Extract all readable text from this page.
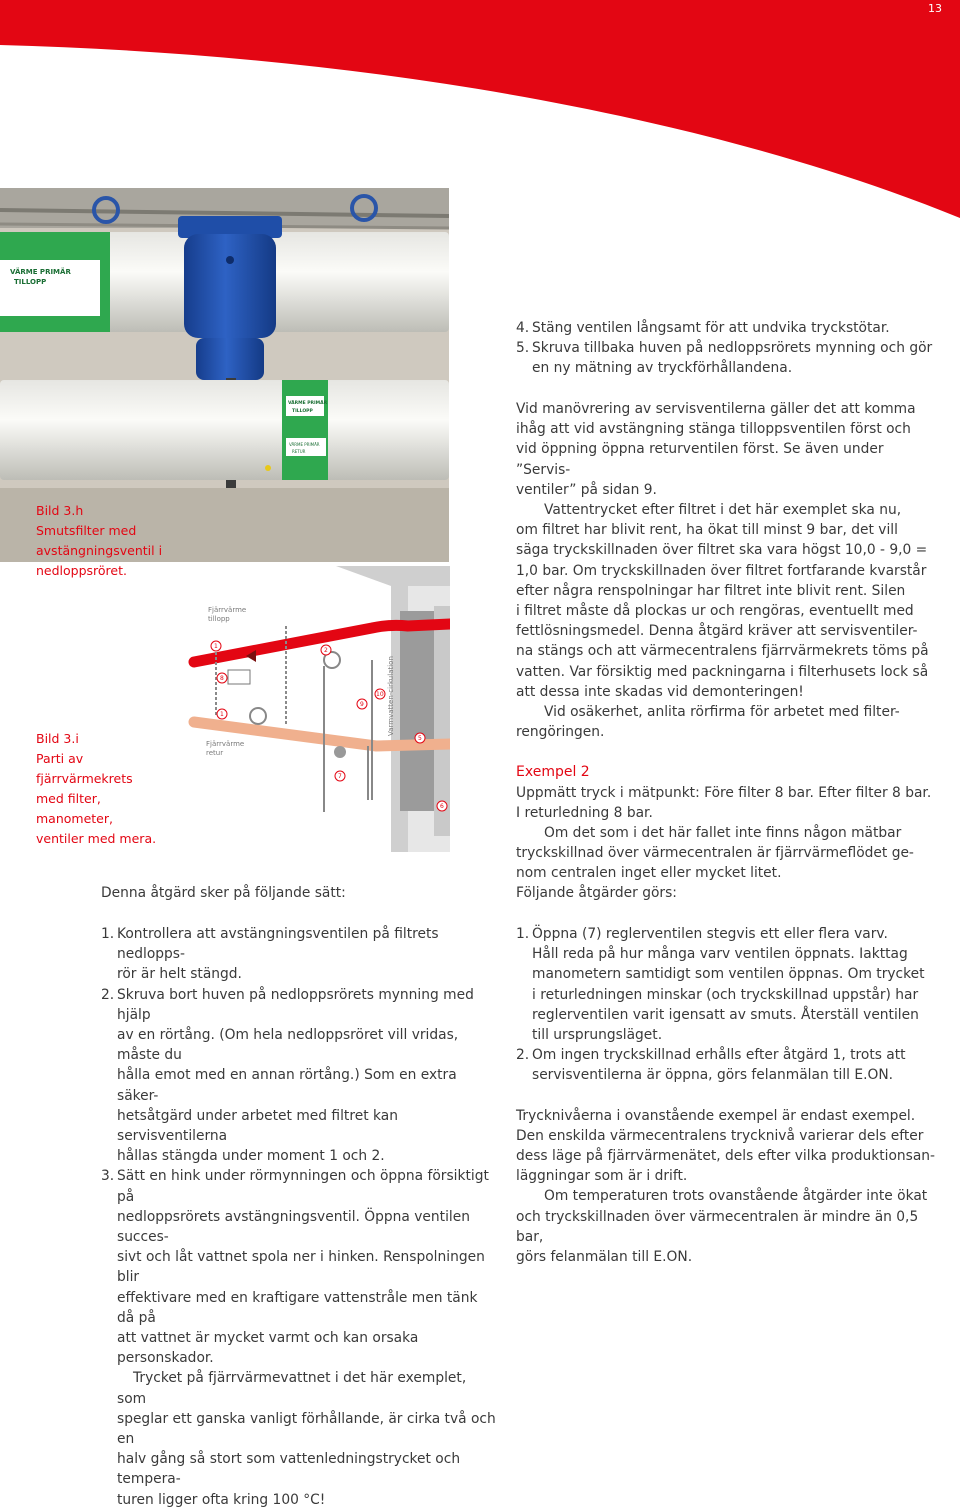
13
VÄRME PRIMÄR
TILLOPP
VÄRME PRIMÄR
TILLOPP
VÄRME PRIMÄR
RETUR
Fjärrvärme
tillopp
Fjärrvärme
retur
Varmvatten-cirkulation
1
8
1
2
9
10
7
5
6
Bild 3.h
Smutsfilter med
avstängningsventil i
nedloppsröret.
Bild 3.i
Parti av fjärrvärmekrets
med filter, manometer,
ventiler med mera.
4. Stäng ventilen långsamt för att undvika tryckstötar.
5. Skruva tillbaka huven på nedloppsrörets mynning och gör
en ny mätning av tryckförhållandena.

Vid manövrering av servisventilerna gäller det att komma
ihåg att vid avstängning stänga tilloppsventilen först och
vid öppning öppna returventilen först. Se även under ”Servis-
ventiler” på sidan 9.

Vattentrycket efter filtret i det här exemplet ska nu,
om filtret har blivit rent, ha ökat till minst 9 bar, det vill
säga tryckskillnaden över filtret ska vara högst 10,0 - 9,0 =
1,0 bar. Om tryckskillnaden över filtret fortfarande kvarstår
efter några renspolningar har filtret inte blivit rent. Silen
i filtret måste då plockas ur och rengöras, eventuellt med
fettlösningsmedel. Denna åtgärd kräver att servisventiler-
na stängs och att värmecentralens fjärrvärmekrets töms på
vatten. Var försiktig med packningarna i filterhusets lock så
att dessa inte skadas vid demonteringen!

Vid osäkerhet, anlita rörfirma för arbetet med filter-
rengöringen.

Exempel 2

Uppmätt tryck i mätpunkt: Före filter 8 bar. Efter filter 8 bar.
I returledning 8 bar.

Om det som i det här fallet inte finns någon mätbar
tryckskillnad över värmecentralen är fjärrvärmeflödet ge-
nom centralen inget eller mycket litet.

Denna åtgärd sker på följande sätt:
1. Kontrollera att avstängningsventilen på filtrets nedlopps-
rör är helt stängd.
2. Skruva bort huven på nedloppsrörets mynning med hjälp
av en rörtång. (Om hela nedloppsröret vill vridas, måste du
hålla emot med en annan rörtång.) Som en extra säker-
hetsåtgärd under arbetet med filtret kan servisventilerna
hållas stängda under moment 1 och 2.
3. Sätt en hink under rörmynningen och öppna försiktigt på
nedloppsrörets avstängningsventil. Öppna ventilen succes-
sivt och låt vattnet spola ner i hinken. Renspolningen blir
effektivare med en kraftigare vattenstråle men tänk då på
att vattnet är mycket varmt och kan orsaka personskador.

Trycket på fjärrvärmevattnet i det här exemplet, som
speglar ett ganska vanligt förhållande, är cirka två och en
halv gång så stort som vattenledningstrycket och tempera-
turen ligger ofta kring 100 °C!

Följande åtgärder görs:
1. Öppna (7) reglerventilen stegvis ett eller flera varv.
Håll reda på hur många varv ventilen öppnats. Iakttag
manometern samtidigt som ventilen öppnas. Om trycket
i returledningen minskar (och tryckskillnad uppstår) har
reglerventilen varit igensatt av smuts. Återställ ventilen
till ursprungsläget.
2. Om ingen tryckskillnad erhålls efter åtgärd 1, trots att
servisventilerna är öppna, görs felanmälan till E.ON.

Trycknivåerna i ovanstående exempel är endast exempel.
Den enskilda värmecentralens trycknivå varierar dels efter
dess läge på fjärrvärmenätet, dels efter vilka produktionsan-
läggningar som är i drift.

Om temperaturen trots ovanstående åtgärder inte ökat
och tryckskillnaden över värmecentralen är mindre än 0,5 bar,
görs felanmälan till E.ON.
